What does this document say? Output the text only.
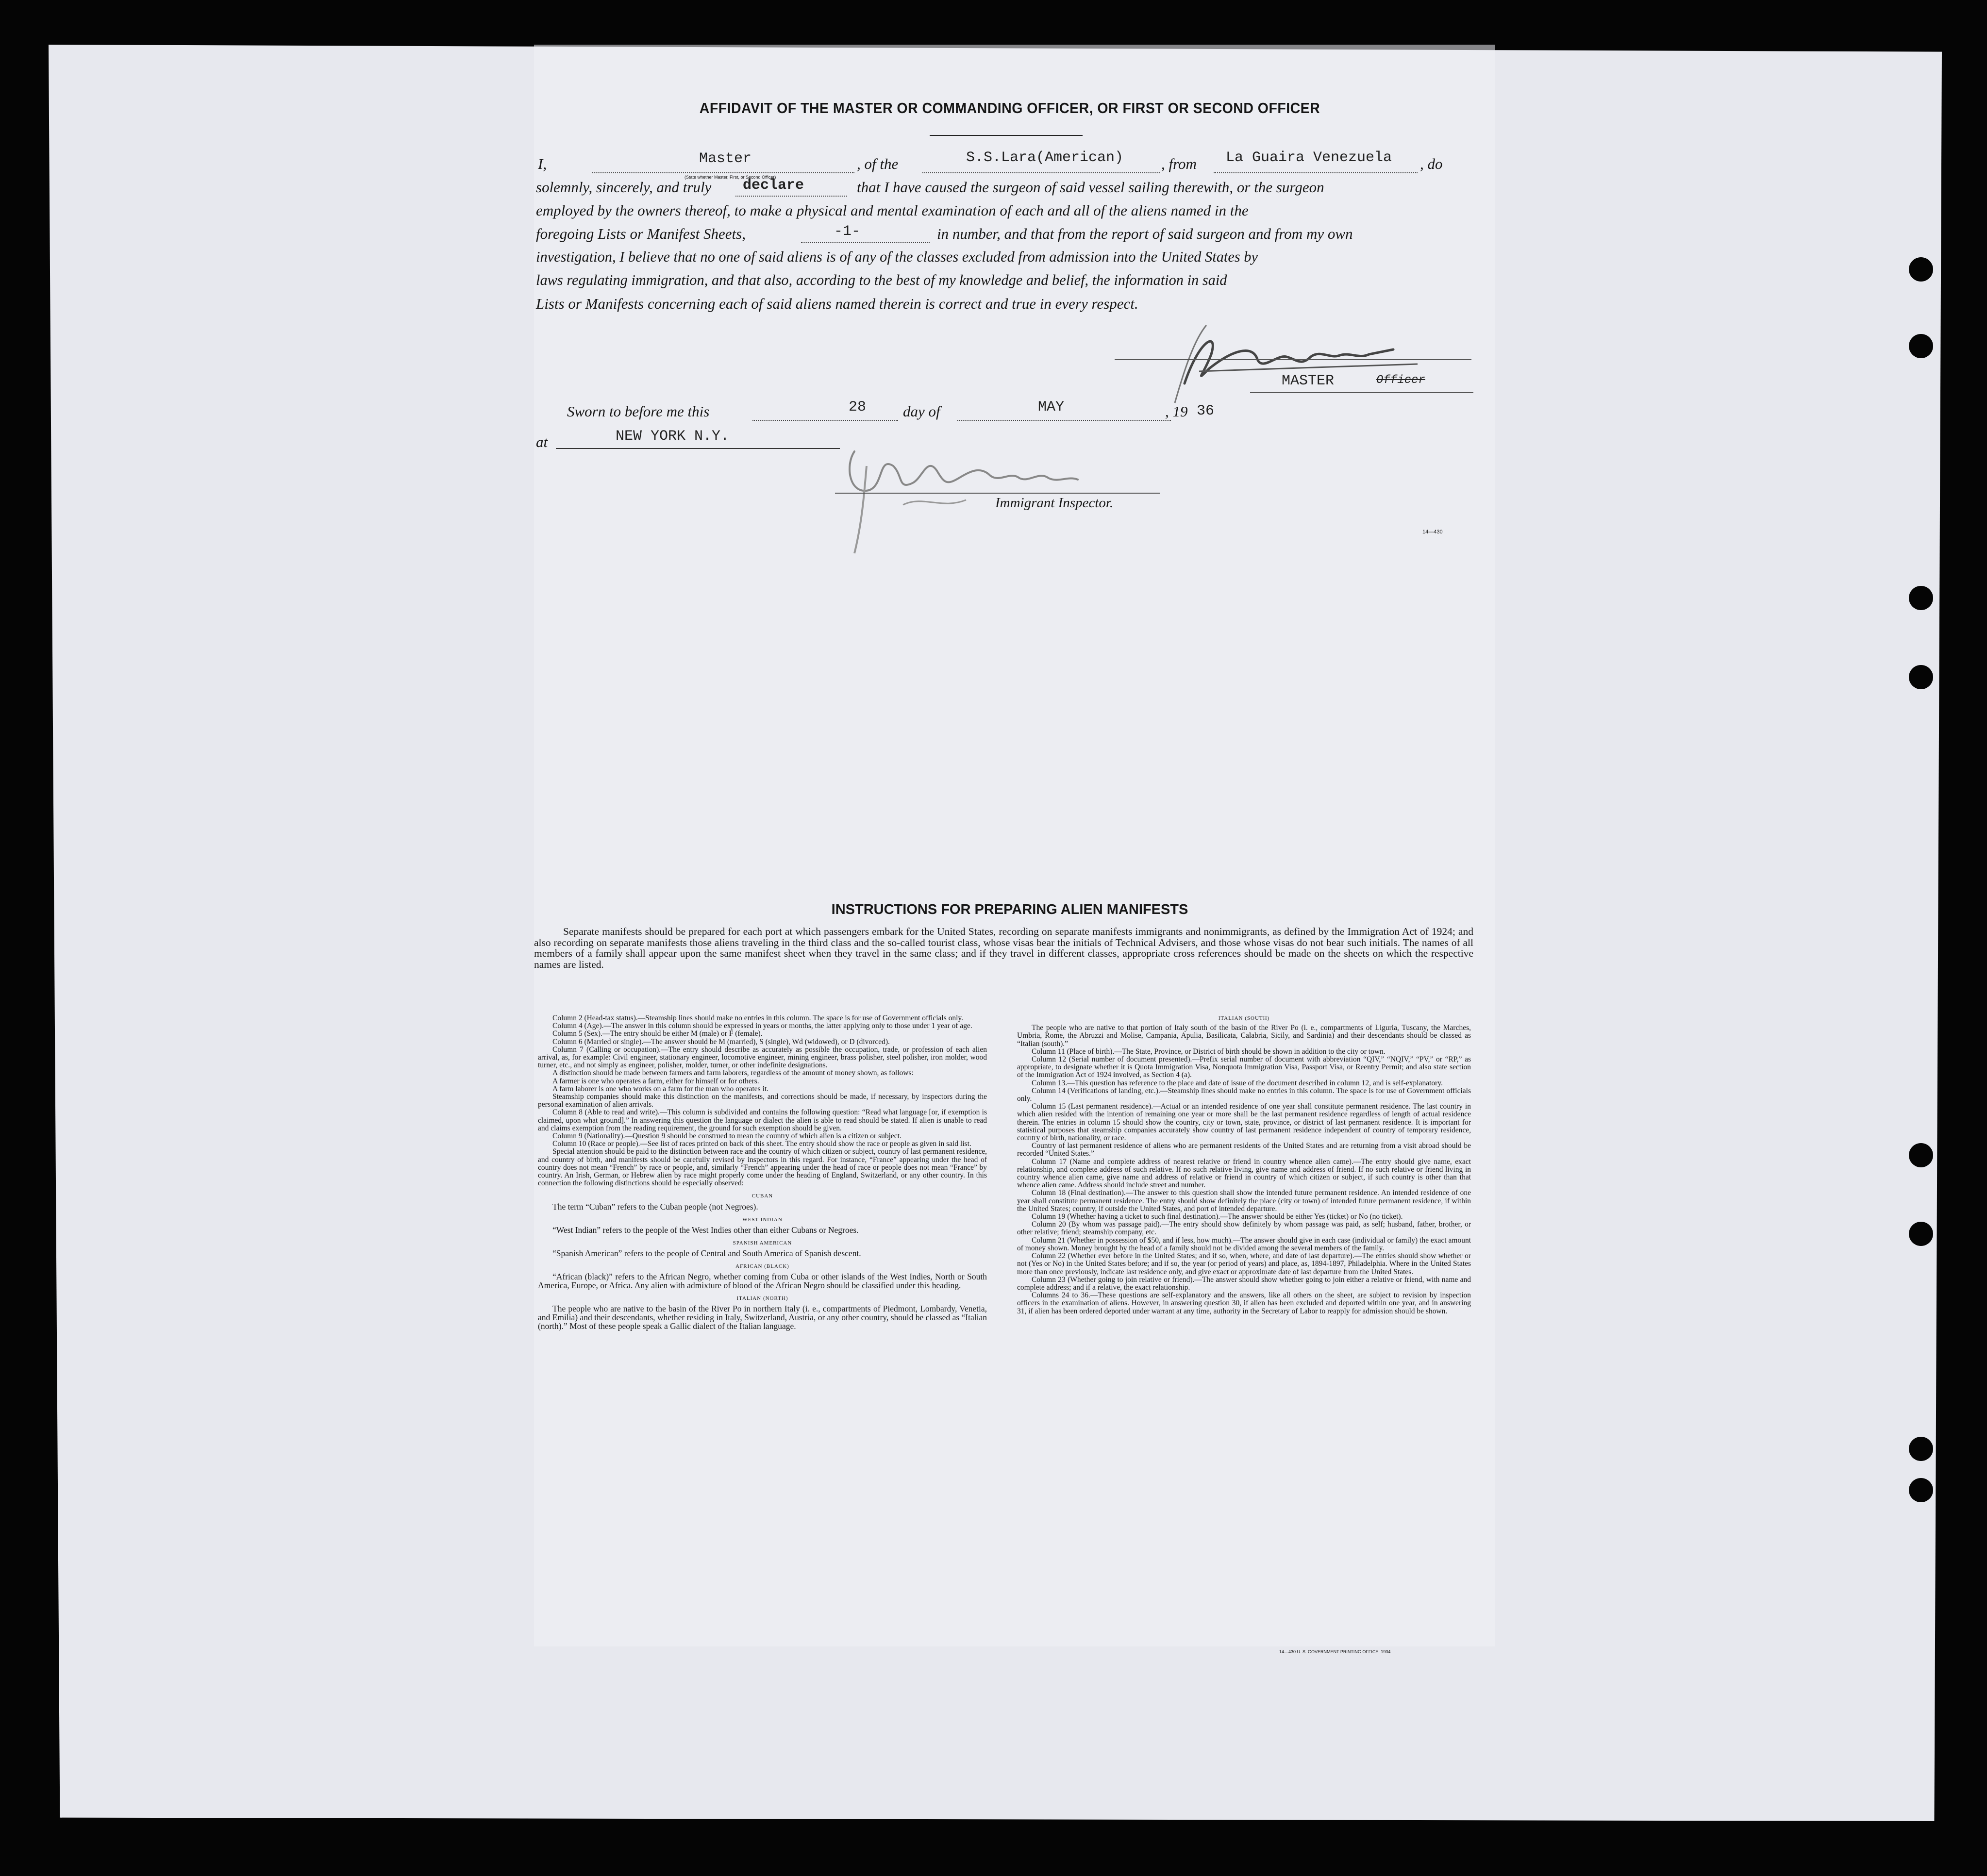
AFFIDAVIT OF THE MASTER OR COMMANDING OFFICER, OR FIRST OR SECOND OFFICER
I,	Master
(State whether Master, First, or Second Officer)
, of the	S.S.Lara(American)	, from La Guaira Venezuela , do
solemnly, sincerely, and truly declare	that I have caused the surgeon of said vessel sailing therewith, or the surgeon
employed by the owners thereof, to make a physical and mental examination of each and all of the aliens named in the
foregoing Lists or Manifest Sheets,	-1-	in number, and that from the report of said surgeon and from my own
investigation, I believe that no one of said aliens is of any of the classes excluded from admission into the United States by
laws regulating immigration, and that also, according to the best of my knowledge and belief, the information in said
Lists or Manifests concerning each of said aliens named therein is correct and true in every respect.
MASTER	Officer
Sworn to before me this	28 day of	MAY	, 19 36
at	NEW YORK N.Y.
Immigrant Inspector.
14—430
INSTRUCTIONS FOR PREPARING ALIEN MANIFESTS
Separate manifests should be prepared for each port at which passengers embark for the United States, recording on separate manifests immigrants and nonimmigrants, as defined by the Immigration Act of 1924; and also recording on separate manifests those aliens traveling in the third class and the so-called tourist class, whose visas bear the initials of Technical Advisers, and those whose visas do not bear such initials. The names of all members of a family shall appear upon the same manifest sheet when they travel in the same class; and if they travel in different classes, appropriate cross references should be made on the sheets on which the respective names are listed.

Column 2 (Head-tax status).—Steamship lines should make no entries in this column. The space is for use of Government officials only.

Column 4 (Age).—The answer in this column should be expressed in years or months, the latter applying only to those under 1 year of age.

Column 5 (Sex).—The entry should be either M (male) or F (female).

Column 6 (Married or single).—The answer should be M (married), S (single), Wd (widowed), or D (divorced).

Column 7 (Calling or occupation).—The entry should describe as accurately as possible the occupation, trade, or profession of each alien arrival, as, for example: Civil engineer, stationary engineer, locomotive engineer, mining engineer, brass polisher, steel polisher, iron molder, wood turner, etc., and not simply as engineer, polisher, molder, turner, or other indefinite designations.

A distinction should be made between farmers and farm laborers, regardless of the amount of money shown, as follows:

A farmer is one who operates a farm, either for himself or for others.

A farm laborer is one who works on a farm for the man who operates it.

Steamship companies should make this distinction on the manifests, and corrections should be made, if necessary, by inspectors during the personal examination of alien arrivals.

Column 8 (Able to read and write).—This column is subdivided and contains the following question: “Read what language [or, if exemption is claimed, upon what ground].” In answering this question the language or dialect the alien is able to read should be stated. If alien is unable to read and claims exemption from the reading requirement, the ground for such exemption should be given.

Column 9 (Nationality).—Question 9 should be construed to mean the country of which alien is a citizen or subject.

Column 10 (Race or people).—See list of races printed on back of this sheet. The entry should show the race or people as given in said list.

Special attention should be paid to the distinction between race and the country of which citizen or subject, country of last permanent residence, and country of birth, and manifests should be carefully revised by inspectors in this regard. For instance, “France” appearing under the head of country does not mean “French” by race or people, and, similarly “French” appearing under the head of race or people does not mean “France” by country. An Irish, German, or Hebrew alien by race might properly come under the heading of England, Switzerland, or any other country. In this connection the following distinctions should be especially observed:

CUBAN

The term “Cuban” refers to the Cuban people (not Negroes).

WEST INDIAN

“West Indian” refers to the people of the West Indies other than either Cubans or Negroes.

SPANISH AMERICAN

“Spanish American” refers to the people of Central and South America of Spanish descent.

AFRICAN (BLACK)

“African (black)” refers to the African Negro, whether coming from Cuba or other islands of the West Indies, North or South America, Europe, or Africa. Any alien with admixture of blood of the African Negro should be classified under this heading.

ITALIAN (NORTH)

The people who are native to the basin of the River Po in northern Italy (i. e., compartments of Piedmont, Lombardy, Venetia, and Emilia) and their descendants, whether residing in Italy, Switzerland, Austria, or any other country, should be classed as “Italian (north).” Most of these people speak a Gallic dialect of the Italian language.

ITALIAN (SOUTH)

The people who are native to that portion of Italy south of the basin of the River Po (i. e., compartments of Liguria, Tuscany, the Marches, Umbria, Rome, the Abruzzi and Molise, Campania, Apulia, Basilicata, Calabria, Sicily, and Sardinia) and their descendants should be classed as “Italian (south).”

Column 11 (Place of birth).—The State, Province, or District of birth should be shown in addition to the city or town.

Column 12 (Serial number of document presented).—Prefix serial number of document with abbreviation “QIV,” “NQIV,” “PV,” or “RP,” as appropriate, to designate whether it is Quota Immigration Visa, Nonquota Immigration Visa, Passport Visa, or Reentry Permit; and also state section of the Immigration Act of 1924 involved, as Section 4 (a).

Column 13.—This question has reference to the place and date of issue of the document described in column 12, and is self-explanatory.

Column 14 (Verifications of landing, etc.).—Steamship lines should make no entries in this column. The space is for use of Government officials only.

Column 15 (Last permanent residence).—Actual or an intended residence of one year shall constitute permanent residence. The last country in which alien resided with the intention of remaining one year or more shall be the last permanent residence regardless of length of actual residence therein. The entries in column 15 should show the country, city or town, state, province, or district of last permanent residence. It is important for statistical purposes that steamship companies accurately show country of last permanent residence independent of country of temporary residence, country of birth, nationality, or race.

Country of last permanent residence of aliens who are permanent residents of the United States and are returning from a visit abroad should be recorded “United States.”

Column 17 (Name and complete address of nearest relative or friend in country whence alien came).—The entry should give name, exact relationship, and complete address of such relative. If no such relative living, give name and address of friend. If no such relative or friend living in country whence alien came, give name and address of relative or friend in country of which citizen or subject, if such country is other than that whence alien came. Address should include street and number.

Column 18 (Final destination).—The answer to this question shall show the intended future permanent residence. An intended residence of one year shall constitute permanent residence. The entry should show definitely the place (city or town) of intended future permanent residence, if within the United States; country, if outside the United States, and port of intended departure.

Column 19 (Whether having a ticket to such final destination).—The answer should be either Yes (ticket) or No (no ticket).

Column 20 (By whom was passage paid).—The entry should show definitely by whom passage was paid, as self; husband, father, brother, or other relative; friend; steamship company, etc.

Column 21 (Whether in possession of $50, and if less, how much).—The answer should give in each case (individual or family) the exact amount of money shown. Money brought by the head of a family should not be divided among the several members of the family.

Column 22 (Whether ever before in the United States; and if so, when, where, and date of last departure).—The entries should show whether or not (Yes or No) in the United States before; and if so, the year (or period of years) and place, as, 1894-1897, Philadelphia. Where in the United States more than once previously, indicate last residence only, and give exact or approximate date of last departure from the United States.

Column 23 (Whether going to join relative or friend).—The answer should show whether going to join either a relative or friend, with name and complete address; and if a relative, the exact relationship.

Columns 24 to 36.—These questions are self-explanatory and the answers, like all others on the sheet, are subject to revision by inspection officers in the examination of aliens. However, in answering question 30, if alien has been excluded and deported within one year, and in answering 31, if alien has been ordered deported under warrant at any time, authority in the Secretary of Labor to reapply for admission should be shown.

14—430 U. S. GOVERNMENT PRINTING OFFICE: 1934
